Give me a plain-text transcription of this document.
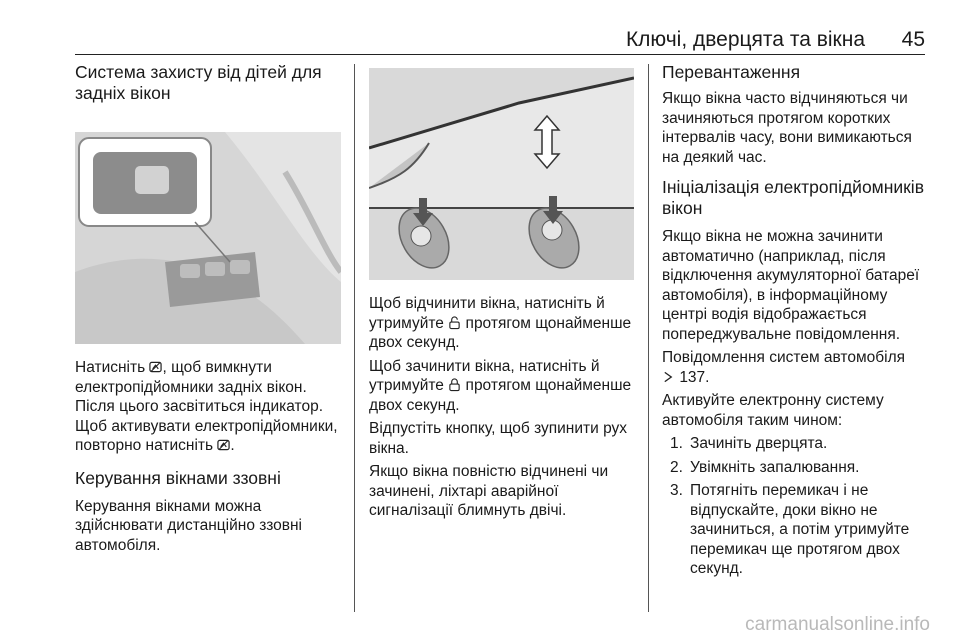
Ключі, дверцята та вікна 45
Система захисту від дітей для задніх вікон

Натисніть , щоб вимкнути електропідйомники задніх вікон. Після цього засвітиться індикатор. Щоб активувати електропідйомники, повторно натисніть .

Керування вікнами ззовні

Керування вікнами можна здійснювати дистанційно ззовні автомобіля.

Щоб відчинити вікна, натисніть й утримуйте протягом щонайменше двох секунд.

Щоб зачинити вікна, натисніть й утримуйте протягом щонайменше двох секунд.

Відпустіть кнопку, щоб зупинити рух вікна.

Якщо вікна повністю відчинені чи зачинені, ліхтарі аварійної сигналізації блимнуть двічі.

Перевантаження

Якщо вікна часто відчиняються чи зачиняються протягом коротких інтервалів часу, вони вимикаються на деякий час.

Ініціалізація електропідйомників вікон

Якщо вікна не можна зачинити автоматично (наприклад, після відключення акумуляторної батареї автомобіля), в інформаційному центрі водія відображається попереджувальне повідомлення.

Повідомлення систем автомобіля
137.

Активуйте електронну систему автомобіля таким чином:

1. Зачиніть дверцята.
2. Увімкніть запалювання.
3. Потягніть перемикач і не відпускайте, доки вікно не зачиниться, а потім утримуйте перемикач ще протягом двох секунд.
carmanualsonline.info
